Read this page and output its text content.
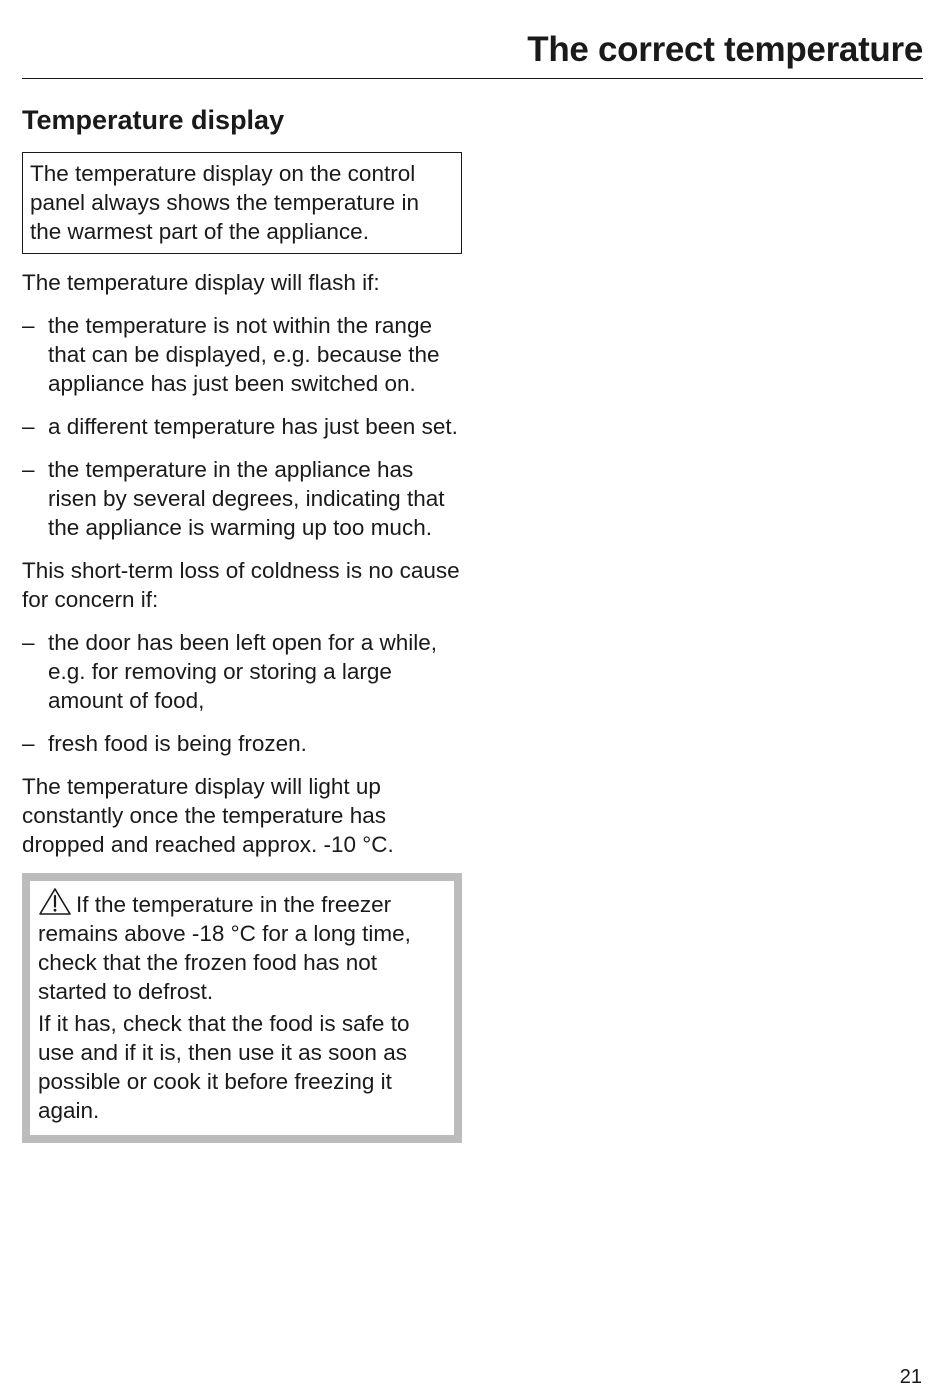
The correct temperature
Temperature display
The temperature display on the control panel always shows the temperature in the warmest part of the appliance.

The temperature display will flash if:

– the temperature is not within the range that can be displayed, e.g. because the appliance has just been switched on.
– a different temperature has just been set.
– the temperature in the appliance has risen by several degrees, indicating that the appliance is warming up too much.

This short-term loss of coldness is no cause for concern if:

– the door has been left open for a while, e.g. for removing or storing a large amount of food,
– fresh food is being frozen.

The temperature display will light up constantly once the temperature has dropped and reached approx. -10 °C.

If the temperature in the freezer remains above -18 °C for a long time, check that the frozen food has not started to defrost.

If it has, check that the food is safe to use and if it is, then use it as soon as possible or cook it before freezing it again.

21
